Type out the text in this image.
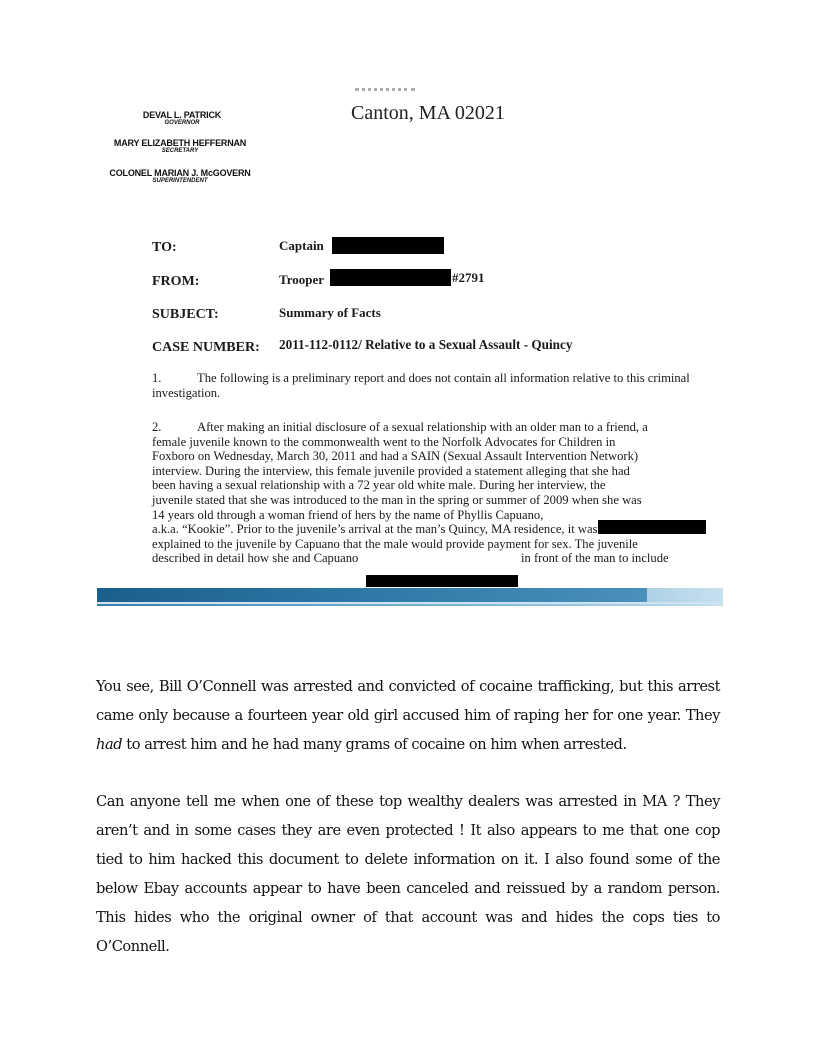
Canton, MA 02021
DEVAL L. PATRICK
GOVERNOR
MARY ELIZABETH HEFFERNAN
SECRETARY
COLONEL MARIAN J. McGOVERN
SUPERINTENDENT
TO:	Captain
FROM:	Trooper	#2791
SUBJECT:	Summary of Facts
CASE NUMBER: 2011-112-0112/ Relative to a Sexual Assault - Quincy
1.	The following is a preliminary report and does not contain all information relative to this criminal investigation.
2.	After making an initial disclosure of a sexual relationship with an older man to a friend, a
female juvenile known to the commonwealth went to the Norfolk Advocates for Children in
Foxboro on Wednesday, March 30, 2011 and had a SAIN (Sexual Assault Intervention Network)
interview. During the interview, this female juvenile provided a statement alleging that she had
been having a sexual relationship with a 72 year old white male. During her interview, the
juvenile stated that she was introduced to the man in the spring or summer of 2009 when she was
14 years old through a woman friend of hers by the name of Phyllis Capuano,
a.k.a. “Kookie”. Prior to the juvenile’s arrival at the man’s Quincy, MA residence, it was
explained to the juvenile by Capuano that the male would provide payment for sex. The juvenile
described in detail how she and Capuano	in front of the man to include
You see, Bill O’Connell was arrested and convicted of cocaine trafficking, but this arrest came only because a fourteen year old girl accused him of raping her for one year. They had to arrest him and he had many grams of cocaine on him when arrested.
Can anyone tell me when one of these top wealthy dealers was arrested in MA ? They aren’t and in some cases they are even protected ! It also appears to me that one cop tied to him hacked this document to delete information on it. I also found some of the below Ebay accounts appear to have been canceled and reissued by a random person. This hides who the original owner of that account was and hides the cops ties to O’Connell.
